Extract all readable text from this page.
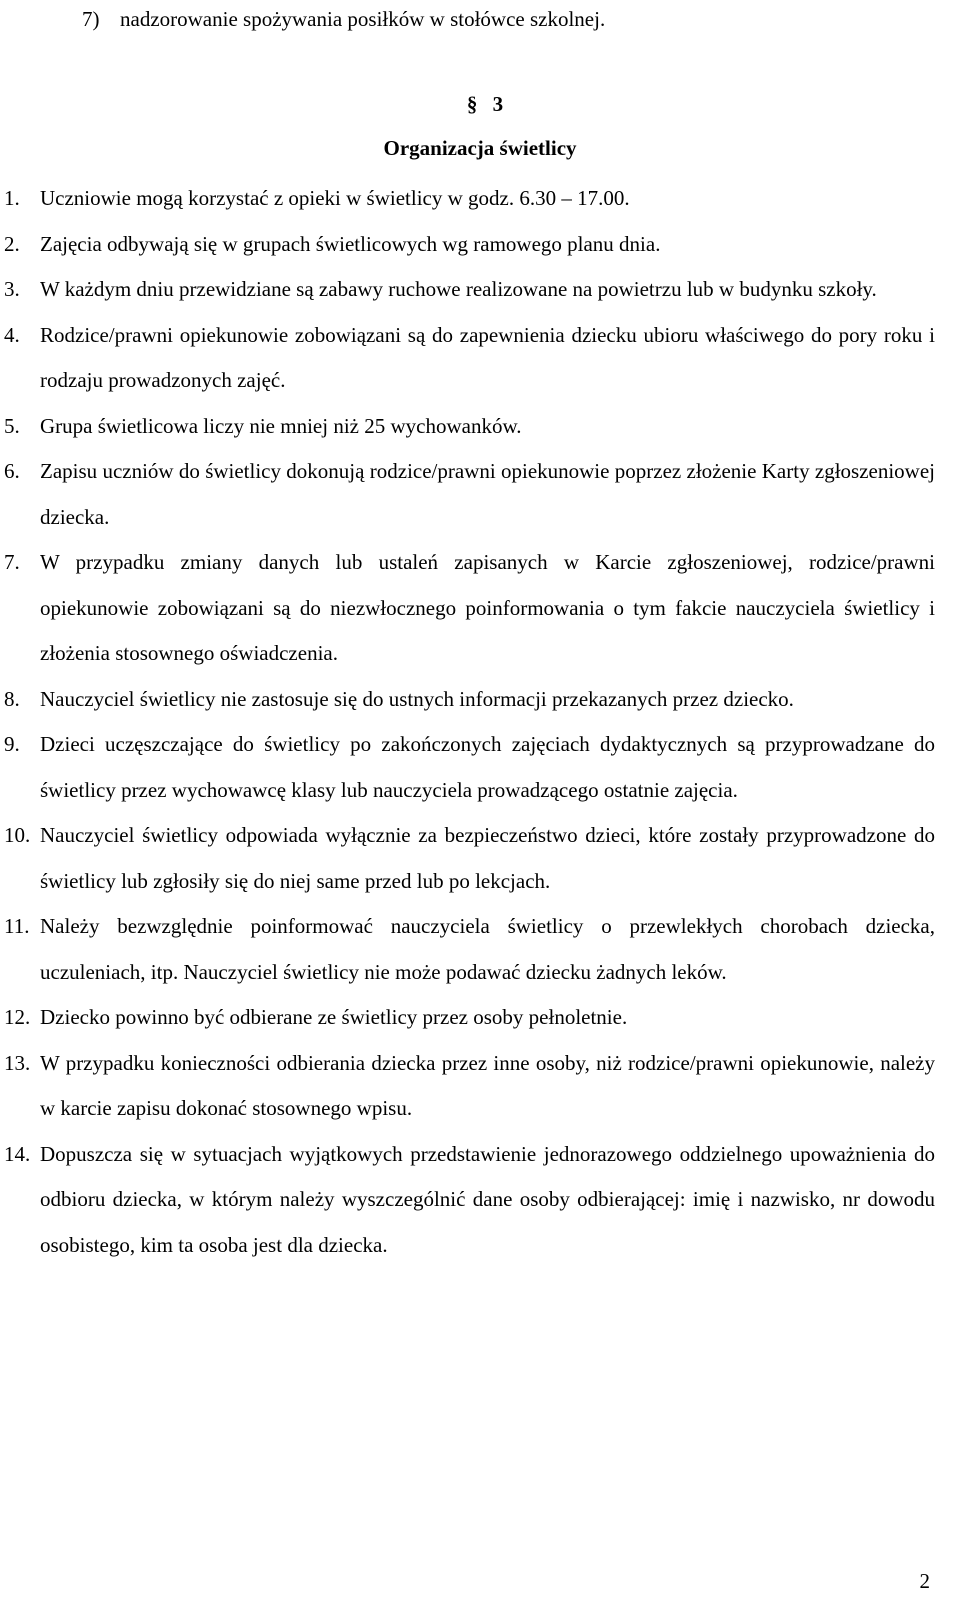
7) nadzorowanie spożywania posiłków w stołówce szkolnej.
§ 3
Organizacja świetlicy
1. Uczniowie mogą korzystać z opieki w świetlicy w godz. 6.30 – 17.00.
2. Zajęcia odbywają się w grupach świetlicowych wg ramowego planu dnia.
3. W każdym dniu przewidziane są zabawy ruchowe realizowane na powietrzu lub w budynku szkoły.
4. Rodzice/prawni opiekunowie zobowiązani są do zapewnienia dziecku ubioru właściwego do pory roku i rodzaju prowadzonych zajęć.
5. Grupa świetlicowa liczy nie mniej niż 25 wychowanków.
6. Zapisu uczniów do świetlicy dokonują rodzice/prawni opiekunowie poprzez złożenie Karty zgłoszeniowej dziecka.
7. W przypadku zmiany danych lub ustaleń zapisanych w Karcie zgłoszeniowej, rodzice/prawni opiekunowie zobowiązani są do niezwłocznego poinformowania o tym fakcie nauczyciela świetlicy i złożenia stosownego oświadczenia.
8. Nauczyciel świetlicy nie zastosuje się do ustnych informacji przekazanych przez dziecko.
9. Dzieci uczęszczające do świetlicy po zakończonych zajęciach dydaktycznych są przyprowadzane do świetlicy przez wychowawcę klasy lub nauczyciela prowadzącego ostatnie zajęcia.
10. Nauczyciel świetlicy odpowiada wyłącznie za bezpieczeństwo dzieci, które zostały przyprowadzone do świetlicy lub zgłosiły się do niej same przed lub po lekcjach.
11. Należy bezwzględnie poinformować nauczyciela świetlicy o przewlekłych chorobach dziecka, uczuleniach, itp. Nauczyciel świetlicy nie może podawać dziecku żadnych leków.
12. Dziecko powinno być odbierane ze świetlicy przez osoby pełnoletnie.
13. W przypadku konieczności odbierania dziecka przez inne osoby, niż rodzice/prawni opiekunowie, należy w karcie zapisu dokonać stosownego wpisu.
14. Dopuszcza się w sytuacjach wyjątkowych przedstawienie jednorazowego oddzielnego upoważnienia do odbioru dziecka, w którym należy wyszczególnić dane osoby odbierającej: imię i nazwisko, nr dowodu osobistego, kim ta osoba jest dla dziecka.
2
